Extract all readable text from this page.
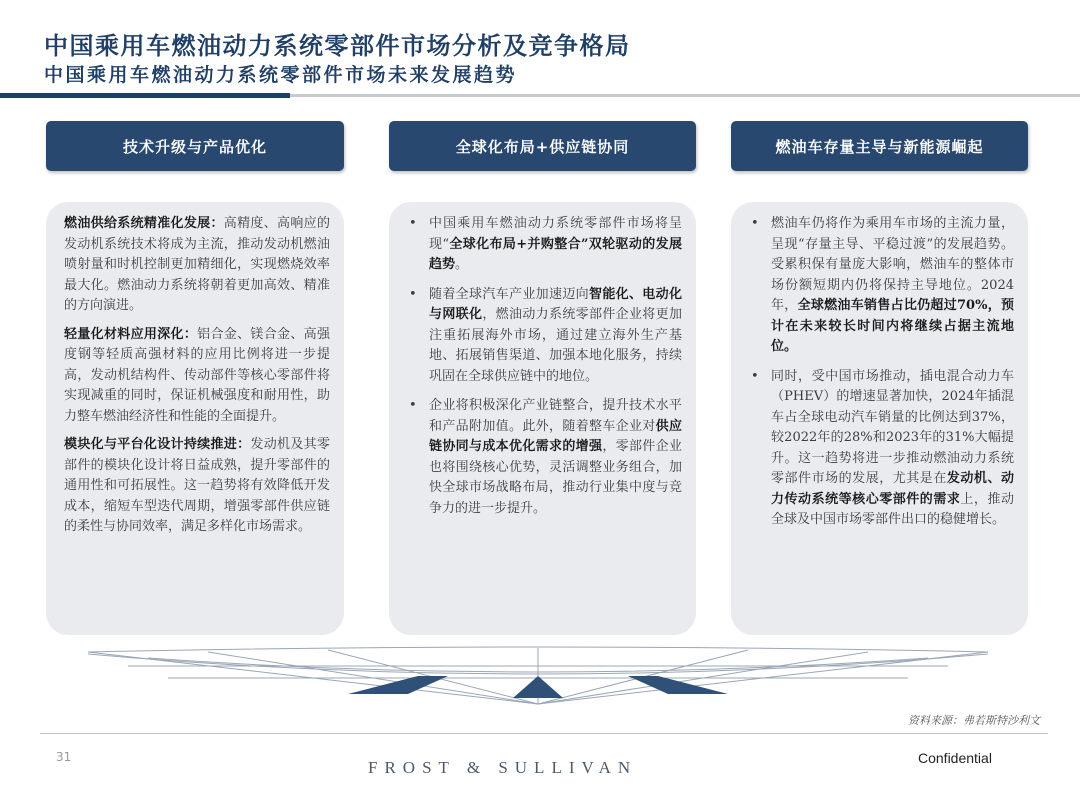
中国乘用车燃油动力系统零部件市场分析及竞争格局
中国乘用车燃油动力系统零部件市场未来发展趋势
技术升级与产品优化	全球化布局+供应链协同	燃油车存量主导与新能源崛起

燃油供给系统精准化发展：高精度、高响应的发动机系统技术将成为主流，推动发动机燃油喷射量和时机控制更加精细化，实现燃烧效率最大化。燃油动力系统将朝着更加高效、精准的方向演进。

轻量化材料应用深化：铝合金、镁合金、高强度钢等轻质高强材料的应用比例将进一步提高，发动机结构件、传动部件等核心零部件将实现减重的同时，保证机械强度和耐用性，助力整车燃油经济性和性能的全面提升。

模块化与平台化设计持续推进：发动机及其零部件的模块化设计将日益成熟，提升零部件的通用性和可拓展性。这一趋势将有效降低开发成本，缩短车型迭代周期，增强零部件供应链的柔性与协同效率，满足多样化市场需求。

• 中国乘用车燃油动力系统零部件市场将呈现“全球化布局+并购整合”双轮驱动的发展趋势。
• 随着全球汽车产业加速迈向智能化、电动化与网联化，燃油动力系统零部件企业将更加注重拓展海外市场，通过建立海外生产基地、拓展销售渠道、加强本地化服务，持续巩固在全球供应链中的地位。
• 企业将积极深化产业链整合，提升技术水平和产品附加值。此外，随着整车企业对供应链协同与成本优化需求的增强，零部件企业也将围绕核心优势，灵活调整业务组合，加快全球市场战略布局，推动行业集中度与竞争力的进一步提升。
• 燃油车仍将作为乘用车市场的主流力量，呈现“存量主导、平稳过渡”的发展趋势。受累积保有量庞大影响，燃油车的整体市场份额短期内仍将保持主导地位。2024年，全球燃油车销售占比仍超过70%，预计在未来较长时间内将继续占据主流地位。
• 同时，受中国市场推动，插电混合动力车（PHEV）的增速显著加快，2024年插混车占全球电动汽车销量的比例达到37%，较2022年的28%和2023年的31%大幅提升。这一趋势将进一步推动燃油动力系统零部件市场的发展，尤其是在发动机、动力传动系统等核心零部件的需求上，推动全球及中国市场零部件出口的稳健增长。
资料来源：弗若斯特沙利文
31
FROST & SULLIVAN	Confidential
